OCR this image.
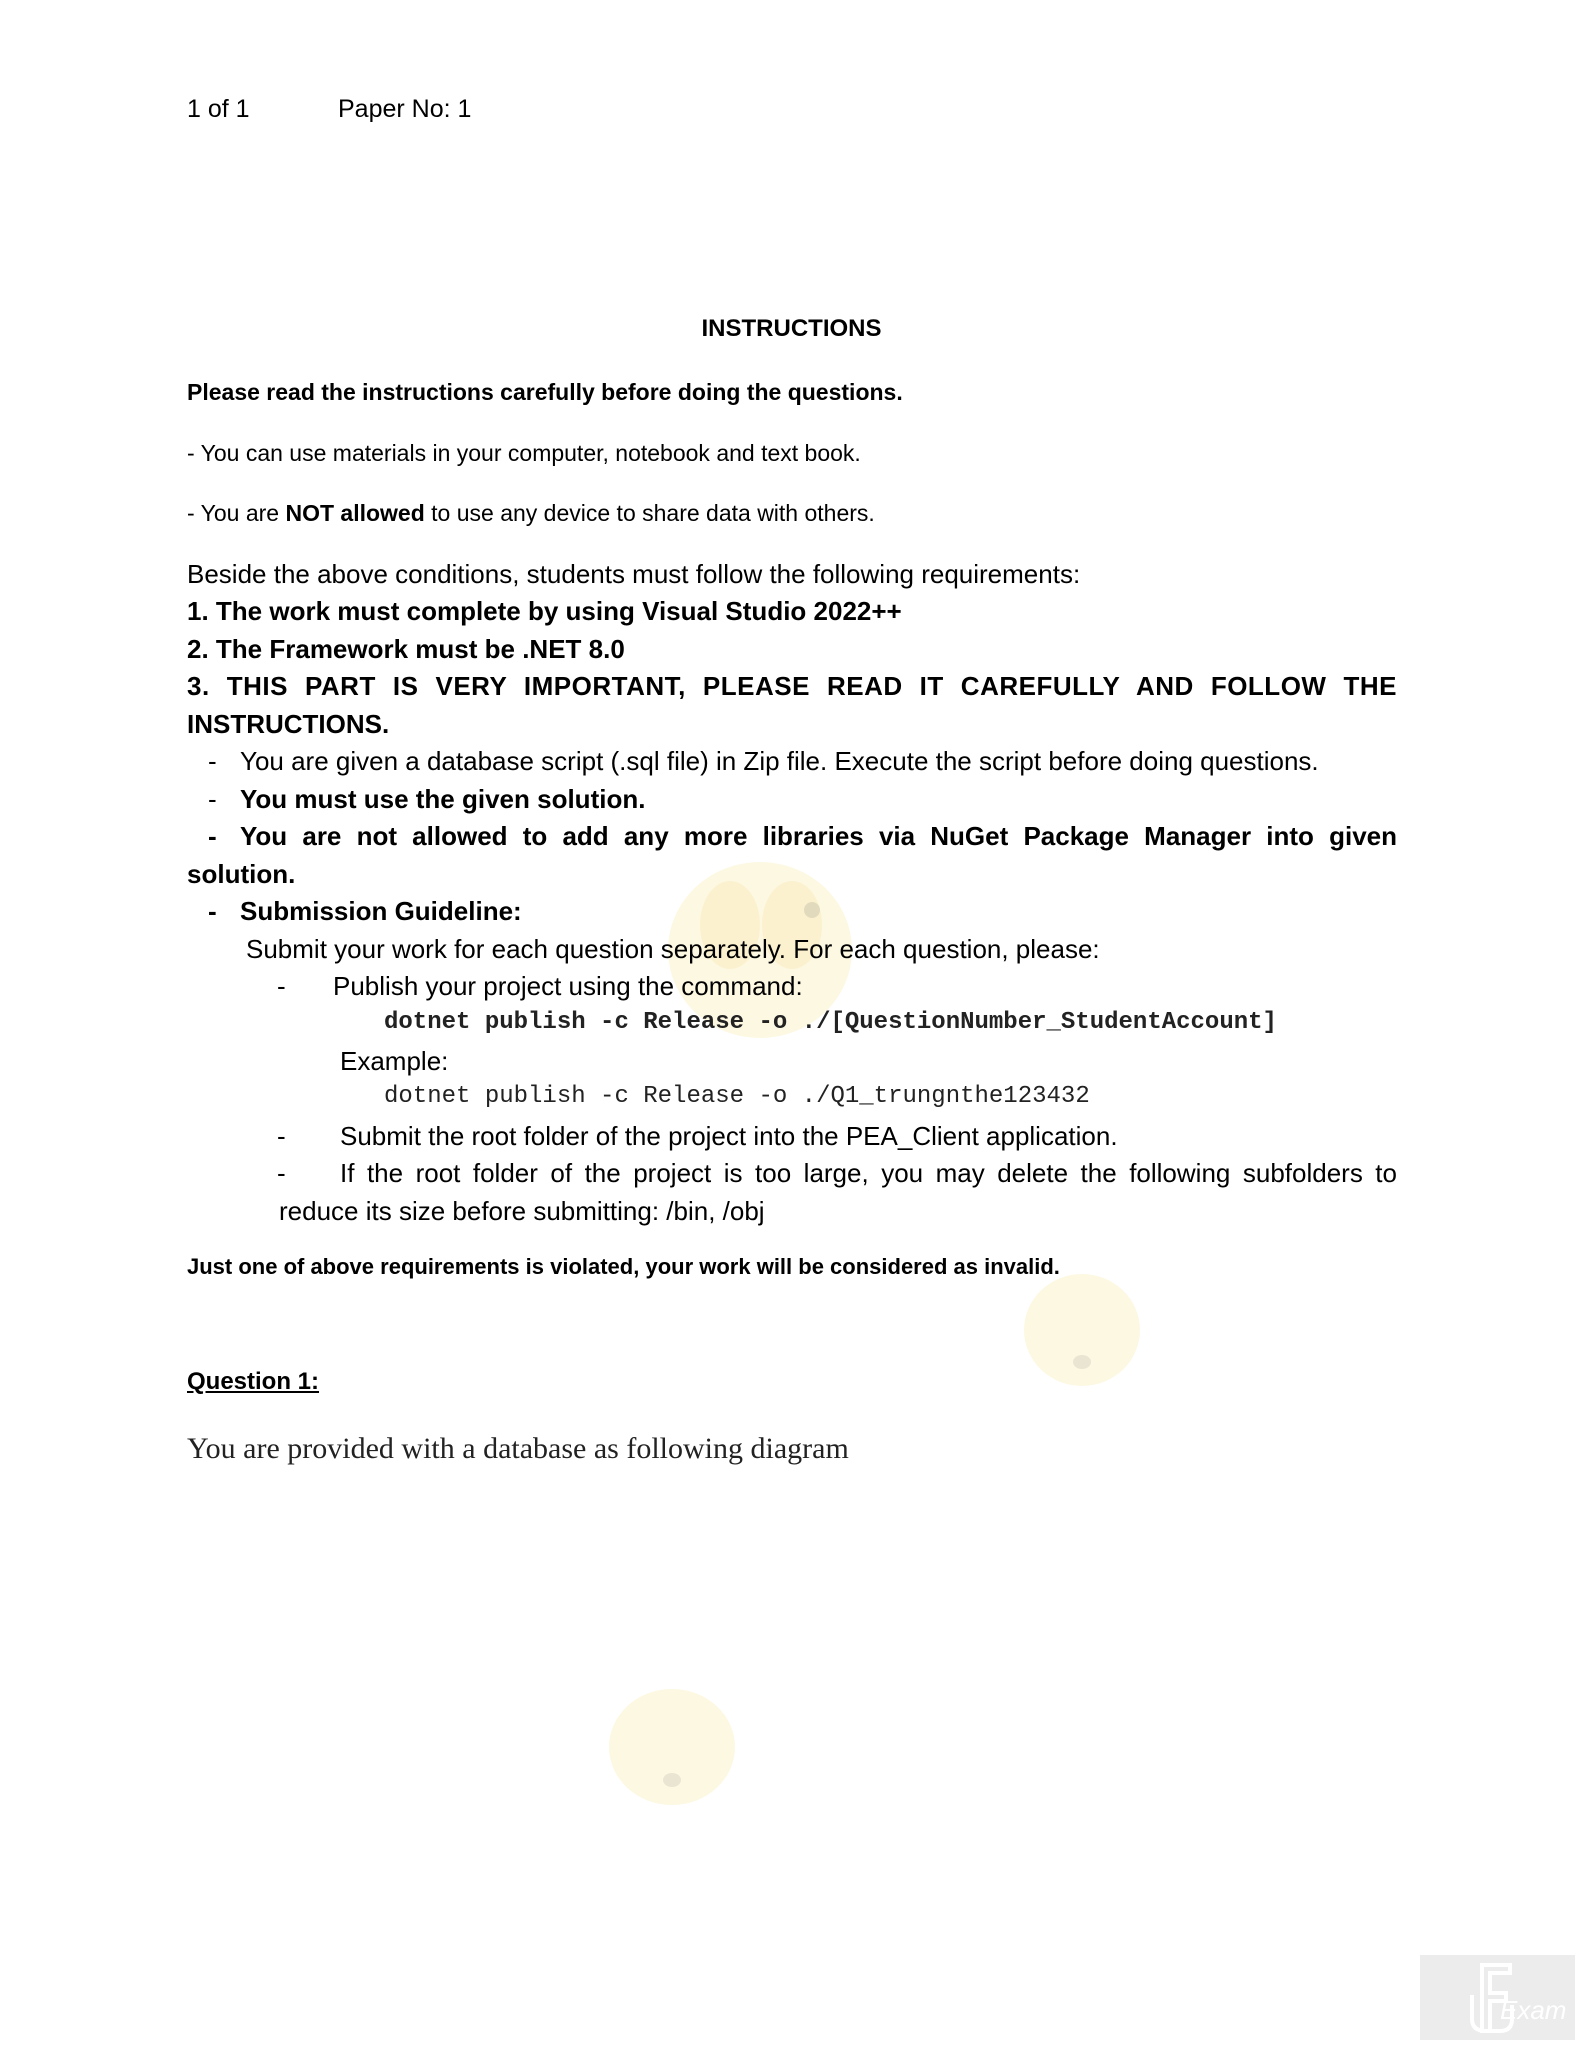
1 of 1	Paper No: 1
INSTRUCTIONS
Please read the instructions carefully before doing the questions.
- You can use materials in your computer, notebook and text book.
- You are NOT allowed to use any device to share data with others.
Beside the above conditions, students must follow the following requirements:
1. The work must complete by using Visual Studio 2022++
2. The Framework must be .NET 8.0
3. THIS PART IS VERY IMPORTANT, PLEASE READ IT CAREFULLY AND FOLLOW THE
INSTRUCTIONS.
- You are given a database script (.sql file) in Zip file. Execute the script before doing questions.
- You must use the given solution.
- You are not allowed to add any more libraries via NuGet Package Manager into given
solution.
- Submission Guideline:
Submit your work for each question separately. For each question, please:
- Publish your project using the command:
dotnet publish -c Release -o ./[QuestionNumber_StudentAccount]
Example:
dotnet publish -c Release -o ./Q1_trungnthe123432
- Submit the root folder of the project into the PEA_Client application.
- If the root folder of the project is too large, you may delete the following subfolders to
reduce its size before submitting: /bin, /obj
Just one of above requirements is violated, your work will be considered as invalid.
Question 1:
You are provided with a database as following diagram
Exam
